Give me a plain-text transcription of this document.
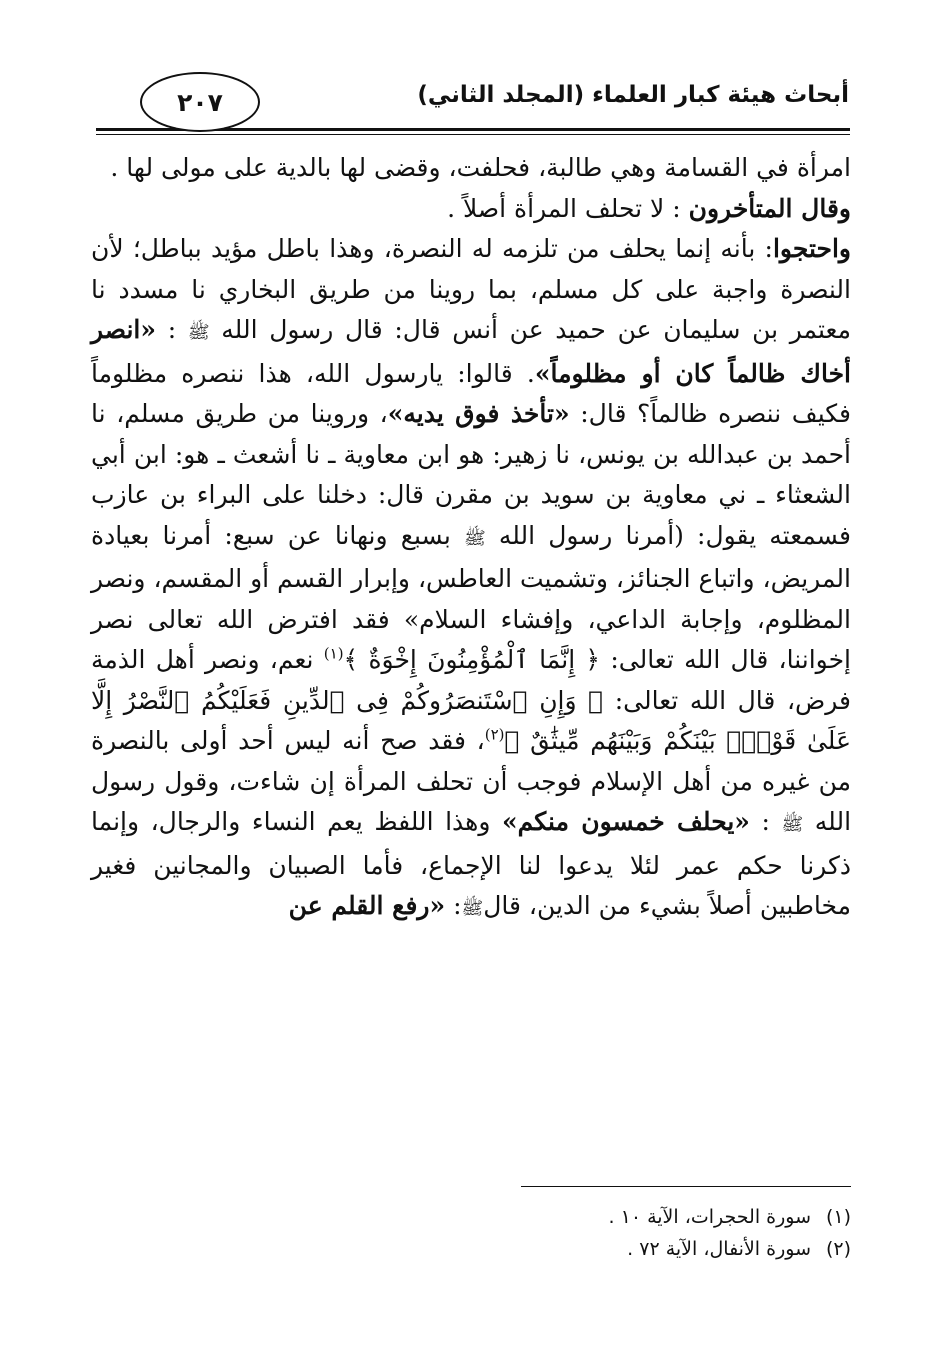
أبحاث هيئة كبار العلماء (المجلد الثاني)
٢٠٧

امرأة في القسامة وهي طالبة، فحلفت، وقضى لها بالدية على مولى لها .

وقال المتأخرون : لا تحلف المرأة أصلاً .

واحتجوا: بأنه إنما يحلف من تلزمه له النصرة، وهذا باطل مؤيد بباطل؛ لأن النصرة واجبة على كل مسلم، بما روينا من طريق البخاري نا مسدد نا معتمر بن سليمان عن حميد عن أنس قال: قال رسول الله ﷺ : «انصر أخاك ظالماً كان أو مظلوماً». قالوا: يارسول الله، هذا ننصره مظلوماً فكيف ننصره ظالماً؟ قال: «تأخذ فوق يديه»، وروينا من طريق مسلم، نا أحمد بن عبدالله بن يونس، نا زهير: هو ابن معاوية ـ نا أشعث ـ هو: ابن أبي الشعثاء ـ ني معاوية بن سويد بن مقرن قال: دخلنا على البراء بن عازب فسمعته يقول: (أمرنا رسول الله ﷺ بسبع ونهانا عن سبع: أمرنا بعيادة المريض، واتباع الجنائز، وتشميت العاطس، وإبرار القسم أو المقسم، ونصر المظلوم، وإجابة الداعي، وإفشاء السلام» فقد افترض الله تعالى نصر إخواننا، قال الله تعالى: ﴿ إِنَّمَا ٱلْمُؤْمِنُونَ إِخْوَةٌ ﴾$^{(١)}$ نعم، ونصر أهل الذمة فرض، قال الله تعالى: ﴿ وَإِنِ ٱسْتَنصَرُوكُمْ فِى ٱلدِّينِ فَعَلَيْكُمُ ٱلنَّصْرُ إِلَّا عَلَىٰ قَوْمٍۭ بَيْنَكُمْ وَبَيْنَهُم مِّيثَٰقٌ ﴾$^{(٢)}$، فقد صح أنه ليس أحد أولى بالنصرة من غيره من أهل الإسلام فوجب أن تحلف المرأة إن شاءت، وقول رسول الله ﷺ : «يحلف خمسون منكم» وهذا اللفظ يعم النساء والرجال، وإنما ذكرنا حكم عمر لئلا يدعوا لنا الإجماع، فأما الصبيان والمجانين فغير مخاطبين أصلاً بشيء من الدين، قالﷺ: «رفع القلم عن

(١)سورة الحجرات، الآية ١٠ .
(٢)سورة الأنفال، الآية ٧٢ .
